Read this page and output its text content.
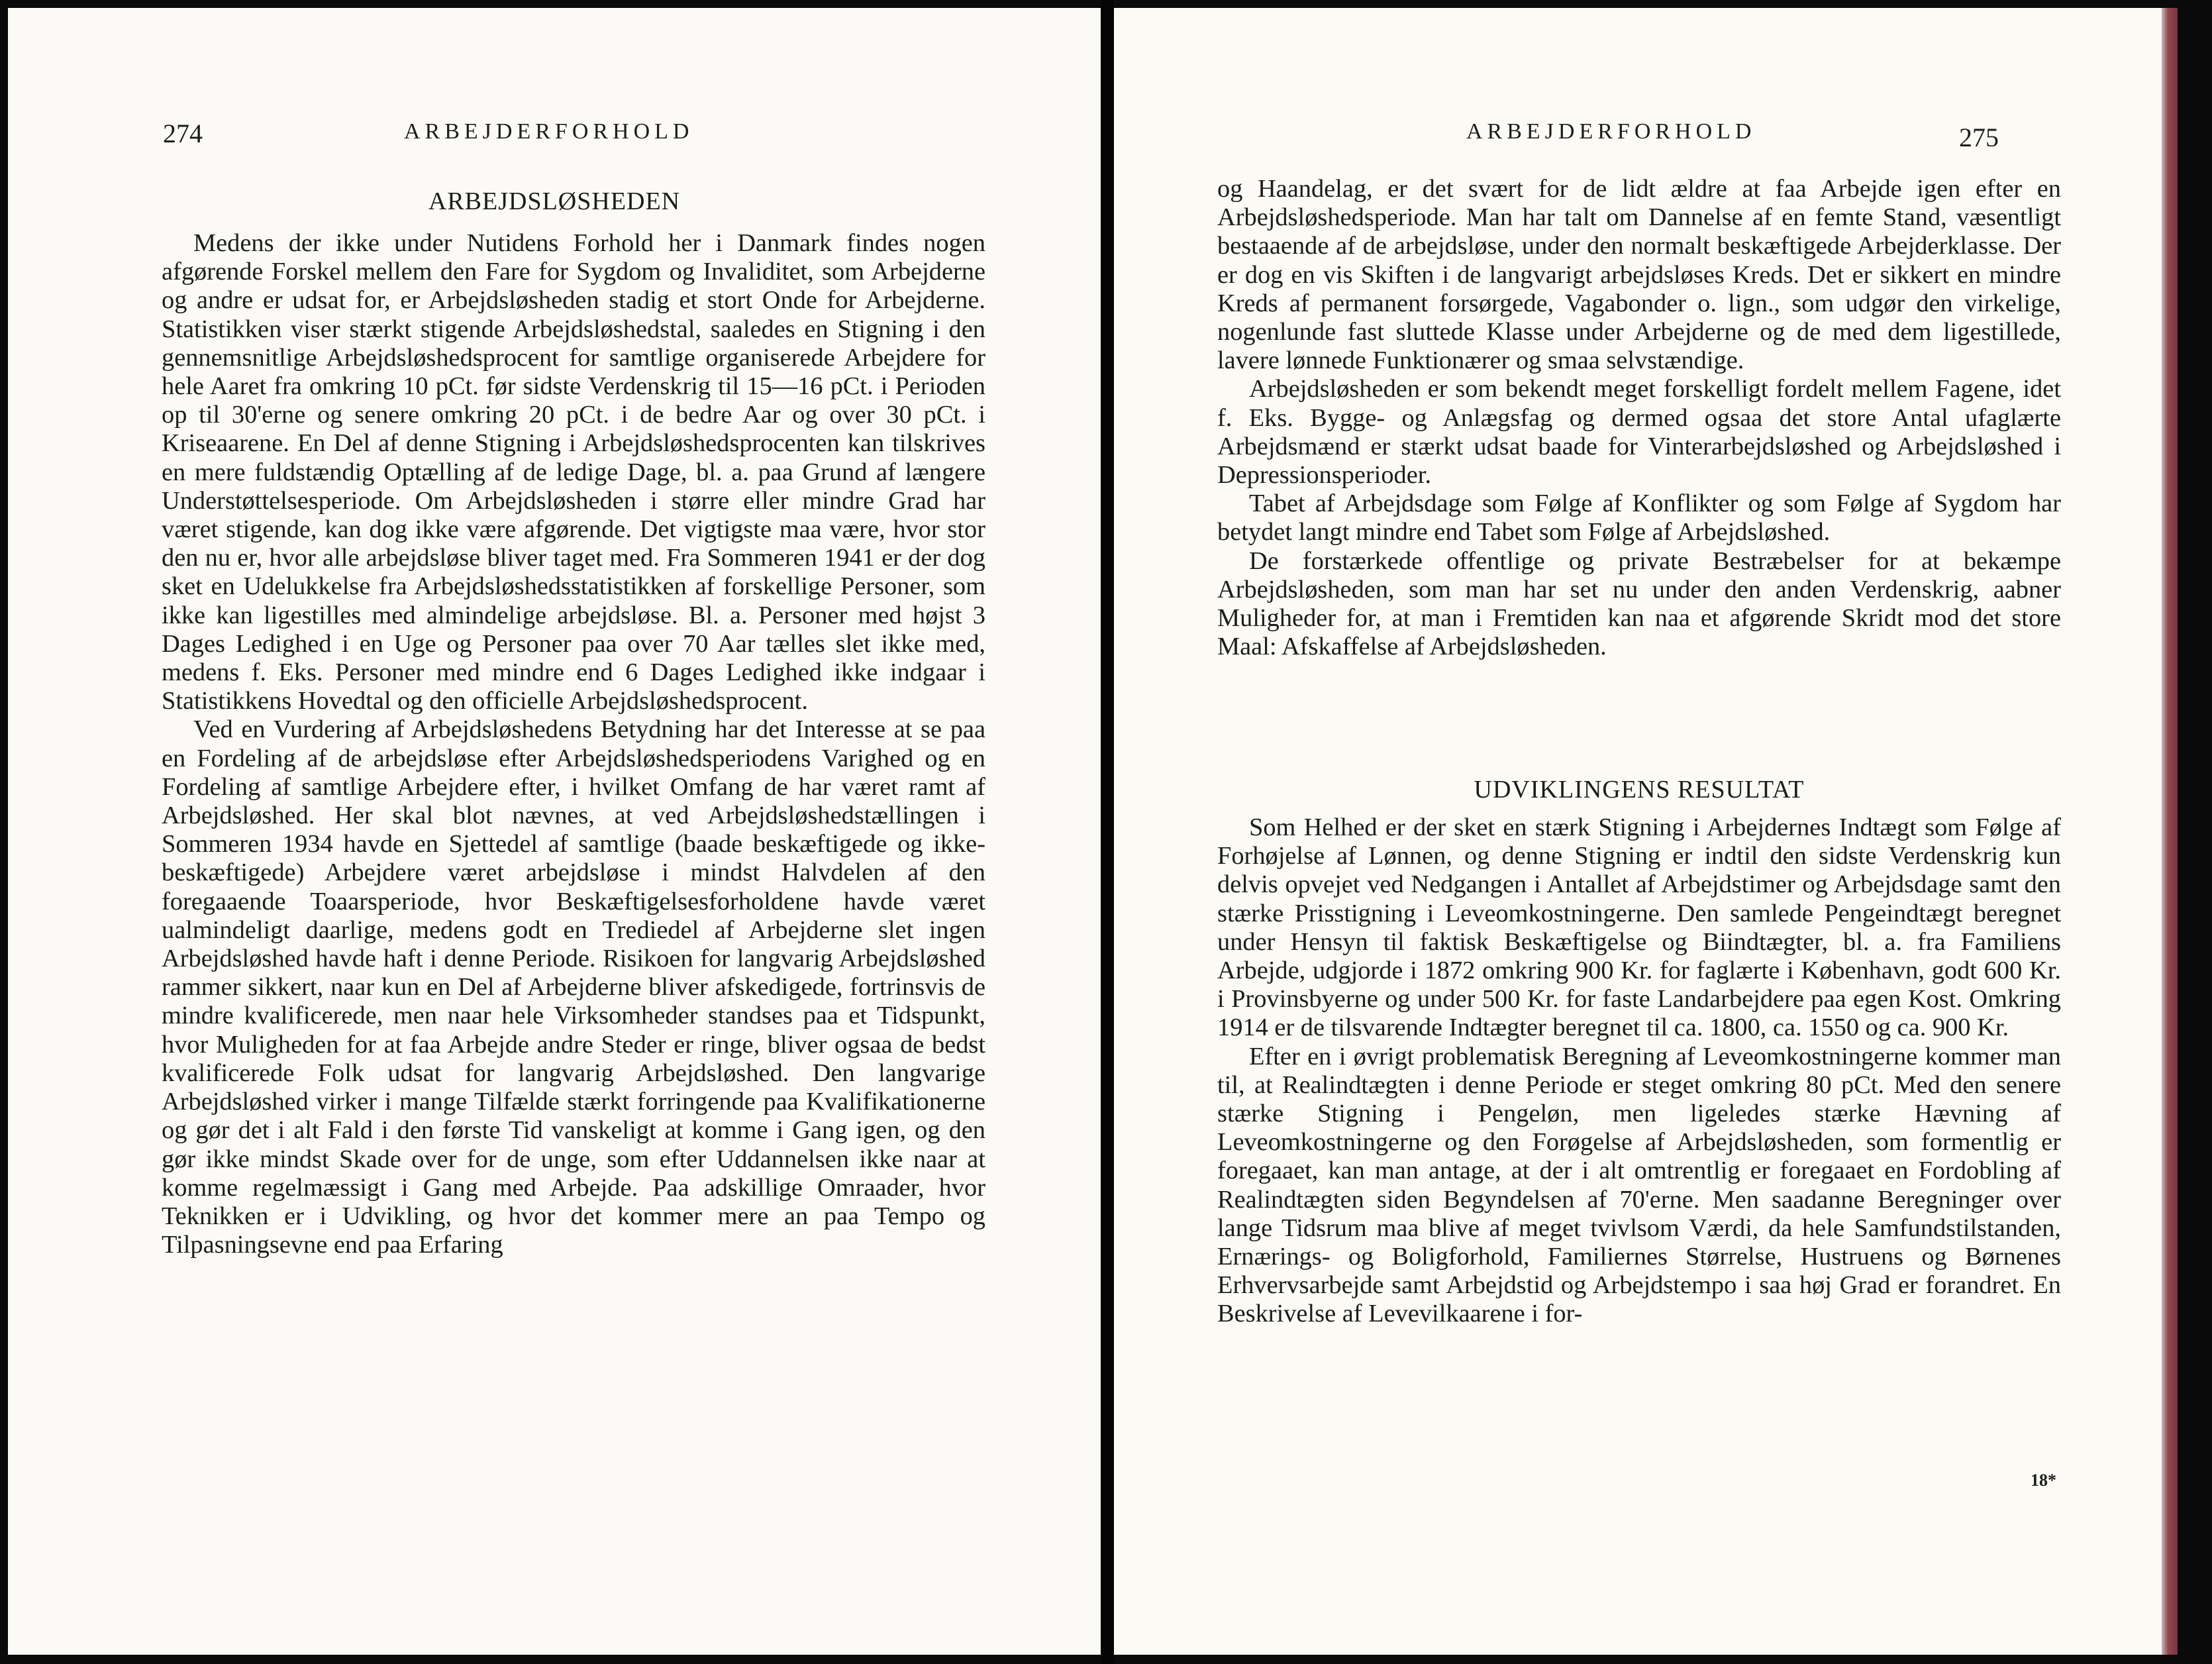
274	ARBEJDERFORHOLD
ARBEJDSLØSHEDEN

Medens der ikke under Nutidens Forhold her i Danmark findes nogen afgørende Forskel mellem den Fare for Sygdom og Invaliditet, som Arbejderne og andre er udsat for, er Arbejdsløsheden stadig et stort Onde for Arbejderne. Statistikken viser stærkt stigende Arbejdsløshedstal, saaledes en Stigning i den gennemsnitlige Arbejdsløshedsprocent for samtlige organiserede Arbejdere for hele Aaret fra omkring 10 pCt. før sidste Verdenskrig til 15—16 pCt. i Perioden op til 30'erne og senere omkring 20 pCt. i de bedre Aar og over 30 pCt. i Kriseaarene. En Del af denne Stigning i Arbejdsløshedsprocenten kan tilskrives en mere fuldstændig Optælling af de ledige Dage, bl. a. paa Grund af længere Understøttelsesperiode. Om Arbejdsløsheden i større eller mindre Grad har været stigende, kan dog ikke være afgørende. Det vigtigste maa være, hvor stor den nu er, hvor alle arbejdsløse bliver taget med. Fra Sommeren 1941 er der dog sket en Udelukkelse fra Arbejdsløshedsstatistikken af forskellige Personer, som ikke kan ligestilles med almindelige arbejdsløse. Bl. a. Personer med højst 3 Dages Ledighed i en Uge og Personer paa over 70 Aar tælles slet ikke med, medens f. Eks. Personer med mindre end 6 Dages Ledighed ikke indgaar i Statistikkens Hovedtal og den officielle Arbejdsløshedsprocent.

Ved en Vurdering af Arbejdsløshedens Betydning har det Interesse at se paa en Fordeling af de arbejdsløse efter Arbejdsløshedsperiodens Varighed og en Fordeling af samtlige Arbejdere efter, i hvilket Omfang de har været ramt af Arbejdsløshed. Her skal blot nævnes, at ved Arbejdsløshedstællingen i Sommeren 1934 havde en Sjettedel af samtlige (baade beskæftigede og ikke-beskæftigede) Arbejdere været arbejdsløse i mindst Halvdelen af den foregaaende Toaarsperiode, hvor Beskæftigelsesforholdene havde været ualmindeligt daarlige, medens godt en Trediedel af Arbejderne slet ingen Arbejdsløshed havde haft i denne Periode. Risikoen for langvarig Arbejdsløshed rammer sikkert, naar kun en Del af Arbejderne bliver afskedigede, fortrinsvis de mindre kvalificerede, men naar hele Virksomheder standses paa et Tidspunkt, hvor Muligheden for at faa Arbejde andre Steder er ringe, bliver ogsaa de bedst kvalificerede Folk udsat for langvarig Arbejdsløshed. Den langvarige Arbejdsløshed virker i mange Tilfælde stærkt forringende paa Kvalifikationerne og gør det i alt Fald i den første Tid vanskeligt at komme i Gang igen, og den gør ikke mindst Skade over for de unge, som efter Uddannelsen ikke naar at komme regelmæssigt i Gang med Arbejde. Paa adskillige Omraader, hvor Teknikken er i Udvikling, og hvor det kommer mere an paa Tempo og Tilpasningsevne end paa Erfaring

ARBEJDERFORHOLD	275

og Haandelag, er det svært for de lidt ældre at faa Arbejde igen efter en Arbejdsløshedsperiode. Man har talt om Dannelse af en femte Stand, væsentligt bestaaende af de arbejdsløse, under den normalt beskæftigede Arbejderklasse. Der er dog en vis Skiften i de langvarigt arbejdsløses Kreds. Det er sikkert en mindre Kreds af permanent forsørgede, Vagabonder o. lign., som udgør den virkelige, nogenlunde fast sluttede Klasse under Arbejderne og de med dem ligestillede, lavere lønnede Funktionærer og smaa selvstændige.

Arbejdsløsheden er som bekendt meget forskelligt fordelt mellem Fagene, idet f. Eks. Bygge- og Anlægsfag og dermed ogsaa det store Antal ufaglærte Arbejdsmænd er stærkt udsat baade for Vinterarbejdsløshed og Arbejdsløshed i Depressionsperioder.

Tabet af Arbejdsdage som Følge af Konflikter og som Følge af Sygdom har betydet langt mindre end Tabet som Følge af Arbejdsløshed.

De forstærkede offentlige og private Bestræbelser for at bekæmpe Arbejdsløsheden, som man har set nu under den anden Verdenskrig, aabner Muligheder for, at man i Fremtiden kan naa et afgørende Skridt mod det store Maal: Afskaffelse af Arbejdsløsheden.

UDVIKLINGENS RESULTAT

Som Helhed er der sket en stærk Stigning i Arbejdernes Indtægt som Følge af Forhøjelse af Lønnen, og denne Stigning er indtil den sidste Verdenskrig kun delvis opvejet ved Nedgangen i Antallet af Arbejdstimer og Arbejdsdage samt den stærke Prisstigning i Leveomkostningerne. Den samlede Pengeindtægt beregnet under Hensyn til faktisk Beskæftigelse og Biindtægter, bl. a. fra Familiens Arbejde, udgjorde i 1872 omkring 900 Kr. for faglærte i København, godt 600 Kr. i Provinsbyerne og under 500 Kr. for faste Landarbejdere paa egen Kost. Omkring 1914 er de tilsvarende Indtægter beregnet til ca. 1800, ca. 1550 og ca. 900 Kr.

Efter en i øvrigt problematisk Beregning af Leveomkostningerne kommer man til, at Realindtægten i denne Periode er steget omkring 80 pCt. Med den senere stærke Stigning i Pengeløn, men ligeledes stærke Hævning af Leveomkostningerne og den Forøgelse af Arbejdsløsheden, som formentlig er foregaaet, kan man antage, at der i alt omtrentlig er foregaaet en Fordobling af Realindtægten siden Begyndelsen af 70'erne. Men saadanne Beregninger over lange Tidsrum maa blive af meget tvivlsom Værdi, da hele Samfundstilstanden, Ernærings- og Boligforhold, Familiernes Størrelse, Hustruens og Børnenes Erhvervsarbejde samt Arbejdstid og Arbejdstempo i saa høj Grad er forandret. En Beskrivelse af Levevilkaarene i for-

18*
